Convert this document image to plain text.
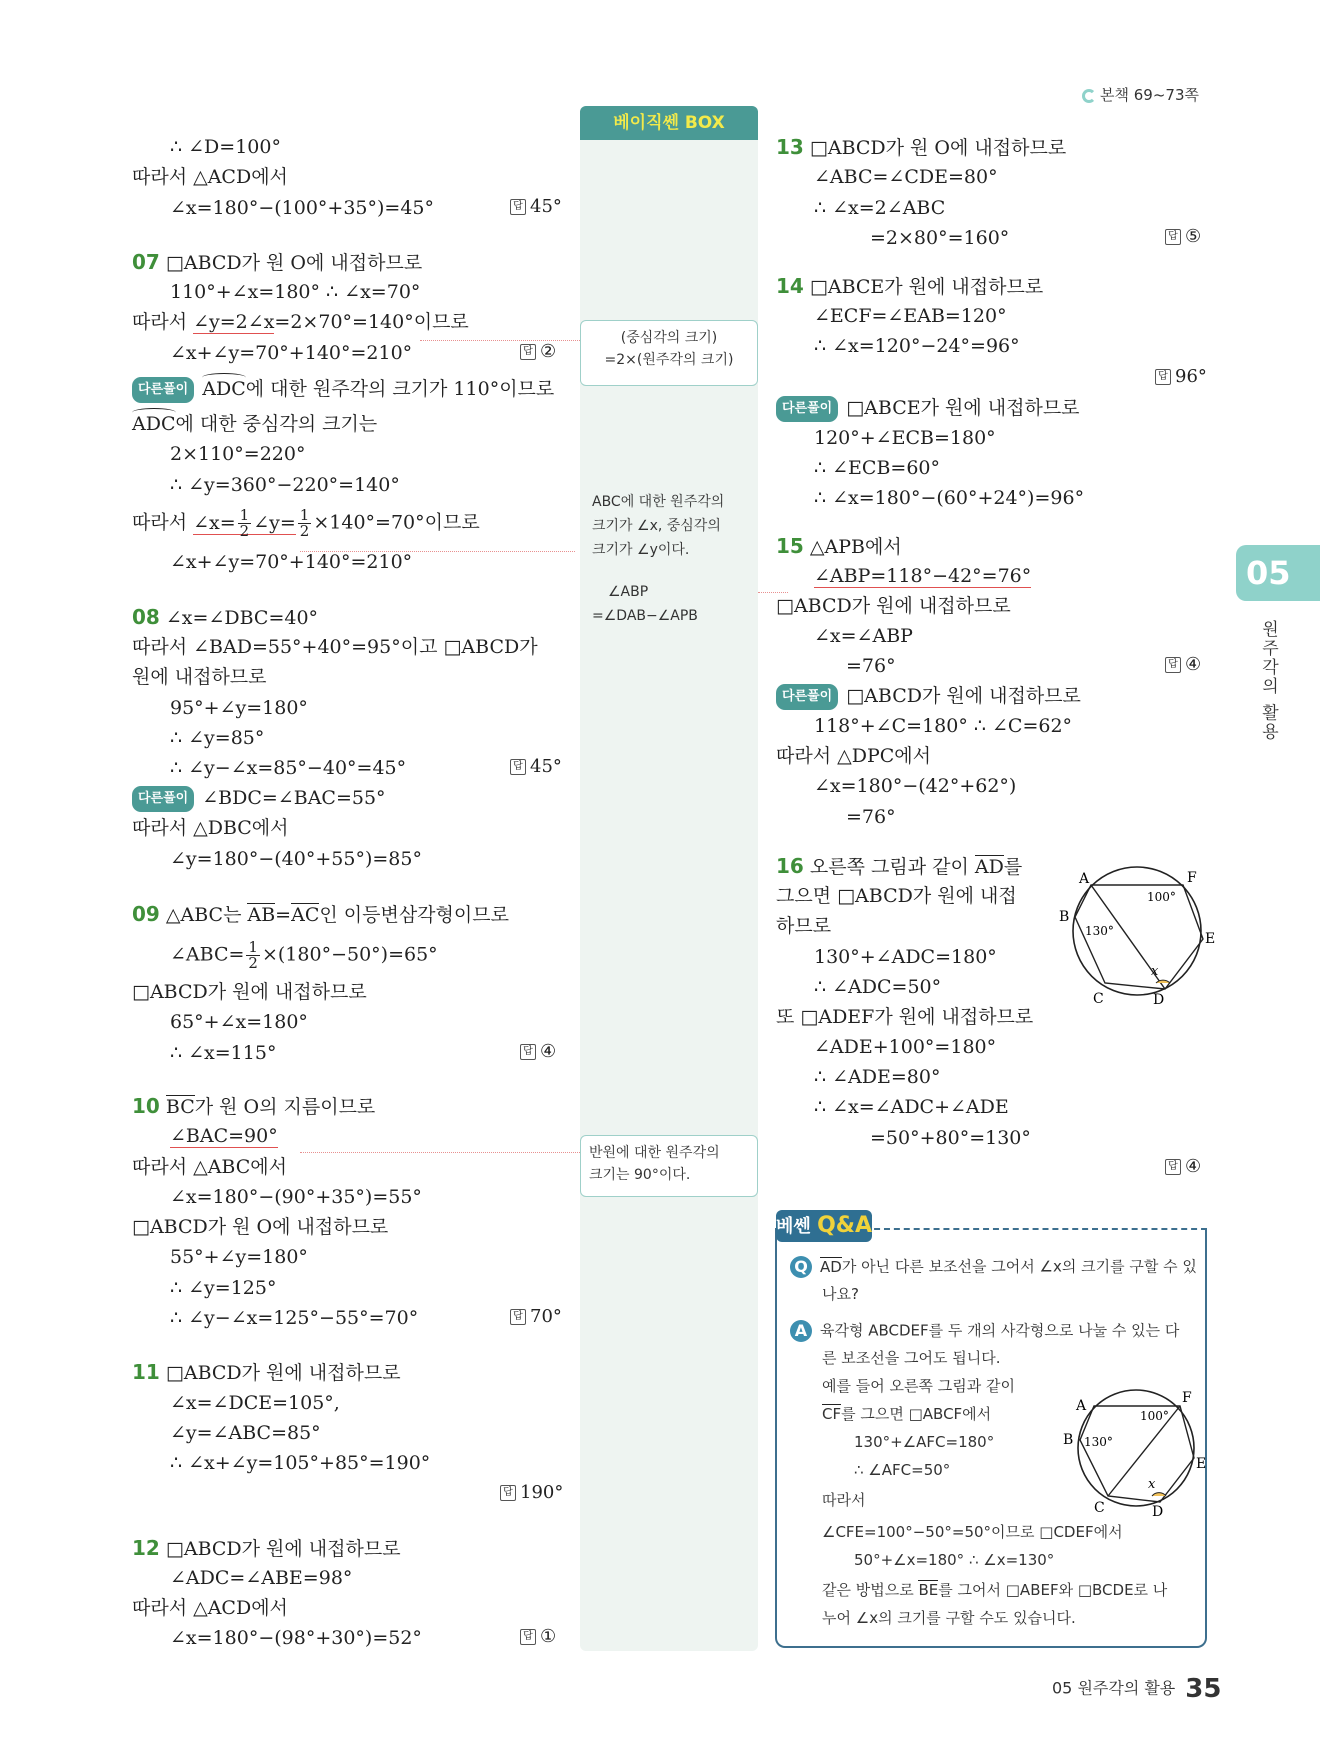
본책 69~73쪽
베이직쎈 BOX
(중심각의 크기)
=2×(원주각의 크기)
ABC에 대한 원주각의
크기가 ∠x, 중심각의
크기가 ∠y이다.
∠ABP
=∠DAB−∠APB
반원에 대한 원주각의
크기는 90°이다.
∴ ∠D=100°
따라서 △ACD에서
∠x=180°−(100°+35°)=45°	답 45°
07 □ABCD가 원 O에 내접하므로
110°+∠x=180° ∴ ∠x=70°
따라서 ∠y=2∠x=2×70°=140°이므로
∠x+∠y=70°+140°=210°	답 ②
다른풀이 ADC에 대한 원주각의 크기가 110°이므로
ADC에 대한 중심각의 크기는
2×110°=220°
∴ ∠y=360°−220°=140°
따라서 ∠x= $\frac{1}{2}$ ∠y= $\frac{1}{2} \times 140^\circ=70^\circ$이므로
∠x+∠y=70°+140°=210°
08 ∠x=∠DBC=40°
따라서 ∠BAD=55°+40°=95°이고 □ABCD가
원에 내접하므로
95°+∠y=180°
∴ ∠y=85°
∴ ∠y−∠x=85°−40°=45°	답 45°
다른풀이 ∠BDC=∠BAC=55°
따라서 △DBC에서
∠y=180°−(40°+55°)=85°
09 △ABC는 AB=AC인 이등변삼각형이므로
∠ABC= $\frac{1}{2} \times(180^\circ-50^\circ)=65^\circ$
□ABCD가 원에 내접하므로
65°+∠x=180°
∴ ∠x=115°	답 ④
10 BC가 원 O의 지름이므로
∠BAC=90°
따라서 △ABC에서
∠x=180°−(90°+35°)=55°
□ABCD가 원 O에 내접하므로
55°+∠y=180°
∴ ∠y=125°
∴ ∠y−∠x=125°−55°=70°	답 70°
11 □ABCD가 원에 내접하므로
∠x=∠DCE=105°,
∠y=∠ABC=85°
∴ ∠x+∠y=105°+85°=190°
답 190°
12 □ABCD가 원에 내접하므로
∠ADC=∠ABE=98°
따라서 △ACD에서
∠x=180°−(98°+30°)=52°	답 ①
13 □ABCD가 원 O에 내접하므로
∠ABC=∠CDE=80°
∴ ∠x=2∠ABC
=2×80°=160°	답 ⑤
14 □ABCE가 원에 내접하므로
∠ECF=∠EAB=120°
∴ ∠x=120°−24°=96°
답 96°
다른풀이 □ABCE가 원에 내접하므로
120°+∠ECB=180°
∴ ∠ECB=60°
∴ ∠x=180°−(60°+24°)=96°
15 △APB에서
∠ABP=118°−42°=76°
□ABCD가 원에 내접하므로
∠x=∠ABP
=76°	답 ④
다른풀이 □ABCD가 원에 내접하므로
118°+∠C=180° ∴ ∠C=62°
따라서 △DPC에서
∠x=180°−(42°+62°)
=76°
16 오른쪽 그림과 같이 AD를
그으면 □ABCD가 원에 내접
하므로
130°+∠ADC=180°
∴ ∠ADC=50°
또 □ADEF가 원에 내접하므로
∠ADE+100°=180°
∴ ∠ADE=80°
∴ ∠x=∠ADC+∠ADE
=50°+80°=130°
답 ④
A	F
B
E
C	D
100°
130°
x
베쎈 Q&A
Q AD가 아닌 다른 보조선을 그어서 ∠x의 크기를 구할 수 있
나요?
A 육각형 ABCDEF를 두 개의 사각형으로 나눌 수 있는 다
른 보조선을 그어도 됩니다.
예를 들어 오른쪽 그림과 같이
CF를 그으면 □ABCF에서
130°+∠AFC=180°
∴ ∠AFC=50°
따라서
∠CFE=100°−50°=50°이므로 □CDEF에서
50°+∠x=180° ∴ ∠x=130°
같은 방법으로 BE를 그어서 □ABEF와 □BCDE로 나
누어 ∠x의 크기를 구할 수도 있습니다.
A	F
B
E
C	D
100°
130°
x
05
원주각의 활용
05 원주각의 활용 35
